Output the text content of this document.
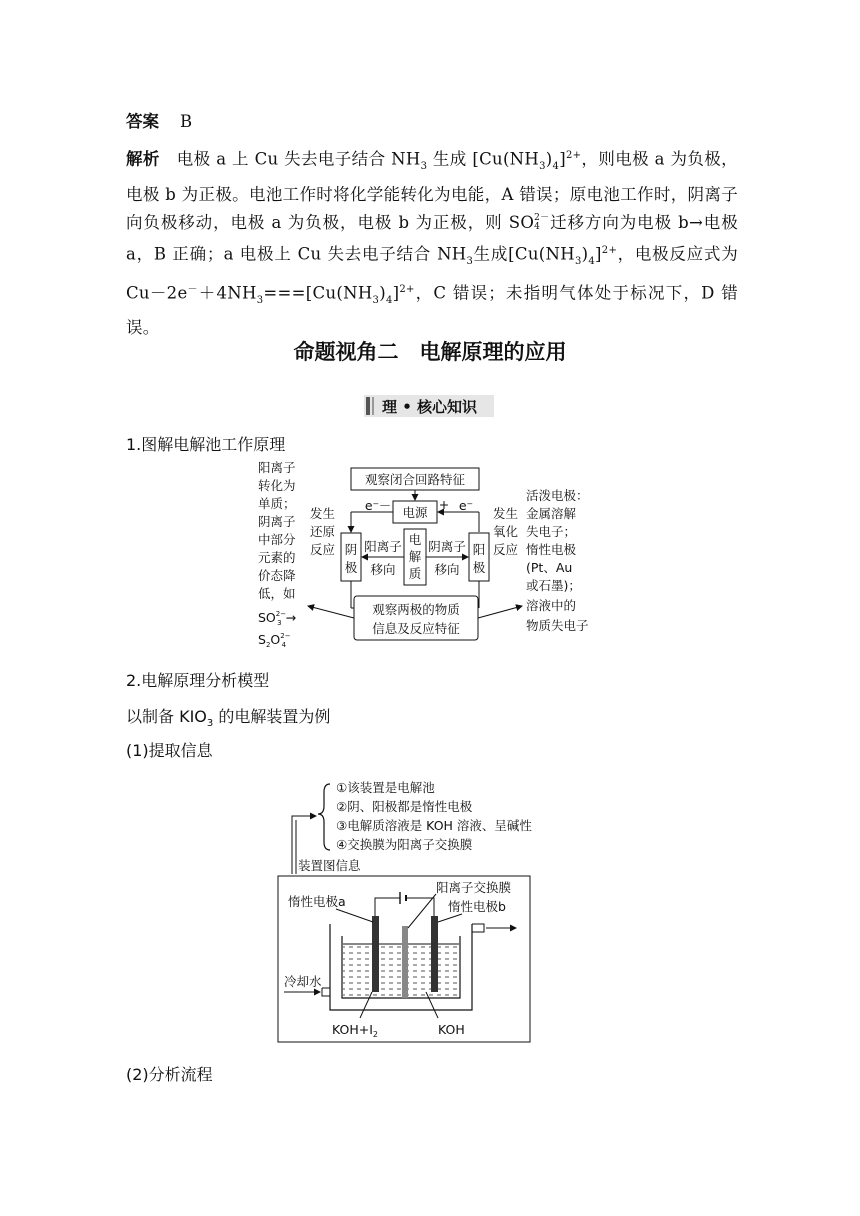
答案 B
解析 电极 a 上 Cu 失去电子结合 $NH_3$ 生成 $[Cu(NH_3)_4]^{2+}$，则电极 a 为负极，电极 b 为正极。电池工作时将化学能转化为电能，A 错误；原电池工作时，阴离子向负极移动，电极 a 为负极，电极 b 为正极，则 SO2－
4 迁移方向为电极 b→电极 a，B 正确；a 电极上 Cu 失去电子结合 $NH_3$生成$[Cu(NH_3)_4]^{2+}$，电极反应式为 $Cu-2e^-+4NH_3===[Cu(NH_3)_4]^{2+}$，C 错误；未指明气体处于标况下，D 错误。
命题视角二　电解原理的应用
理 • 核心知识
1.图解电解池工作原理
阳离子
转化为
单质；
阴离子
中部分
元素的
价态降
低，如
$SO^{2-}$ 3 →
$S_2O^{2-}$ 4
观察闭合回路特征
电源
－	+
e⁻	e⁻
发生
还原
反应
发生
氧化
反应
阴
极
阳
极
电
解
质
阳离子
移向
阴离子
移向
观察两极的物质
信息及反应特征
活泼电极：
金属溶解
失电子；
惰性电极
(Pt、Au
或石墨)；
溶液中的
物质失电子
2.电解原理分析模型
以制备 $KIO_3$ 的电解装置为例
(1)提取信息
①该装置是电解池
②阴、阳极都是惰性电极
③电解质溶液是 KOH 溶液、呈碱性
④交换膜为阳离子交换膜
装置图信息
惰性电极a
阳离子交换膜
惰性电极b
冷却水
$KOH+I_2$	KOH
(2)分析流程
